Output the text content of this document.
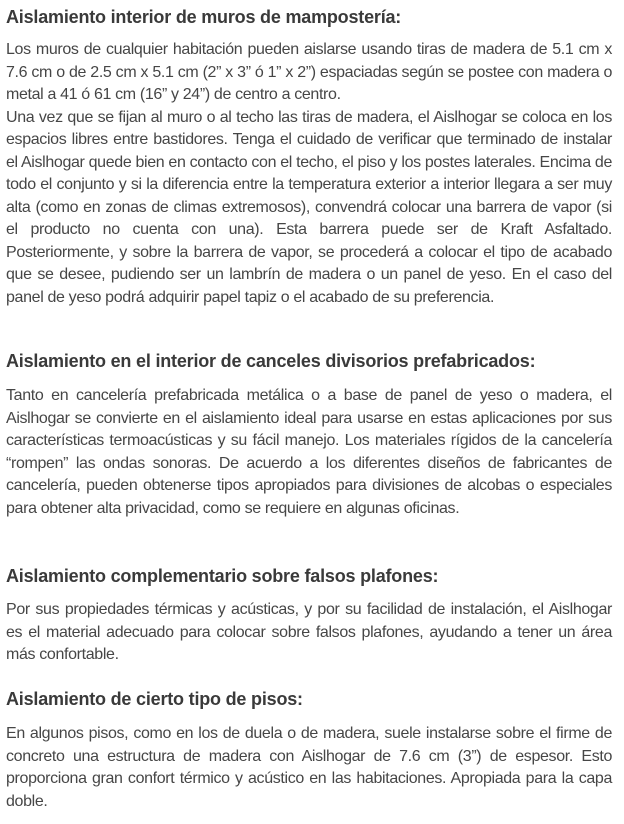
Aislamiento interior de muros de mampostería:

Los muros de cualquier habitación pueden aislarse usando tiras de madera de 5.1 cm x 7.6 cm o de 2.5 cm x 5.1 cm (2” x 3” ó 1” x 2”) espaciadas según se postee con madera o metal a 41 ó 61 cm (16” y 24”) de centro a centro.

Una vez que se fijan al muro o al techo las tiras de madera, el Aislhogar se coloca en los espacios libres entre bastidores. Tenga el cuidado de verificar que terminado de instalar el Aislhogar quede bien en contacto con el techo, el piso y los postes laterales. Encima de todo el conjunto y si la diferencia entre la temperatura exterior a interior llegara a ser muy alta (como en zonas de climas extremosos), convendrá colocar una barrera de vapor (si el producto no cuenta con una). Esta barrera puede ser de Kraft Asfaltado. Posteriormente, y sobre la barrera de vapor, se procederá a colocar el tipo de acabado que se desee, pudiendo ser un lambrín de madera o un panel de yeso. En el caso del panel de yeso podrá adquirir papel tapiz o el acabado de su preferencia.

Aislamiento en el interior de canceles divisorios prefabricados:

Tanto en cancelería prefabricada metálica o a base de panel de yeso o madera, el Aislhogar se convierte en el aislamiento ideal para usarse en estas aplicaciones por sus características termoacústicas y su fácil manejo. Los materiales rígidos de la cancelería “rompen” las ondas sonoras. De acuerdo a los diferentes diseños de fabricantes de cancelería, pueden obtenerse tipos apropiados para divisiones de alcobas o especiales para obtener alta privacidad, como se requiere en algunas oficinas.

Aislamiento complementario sobre falsos plafones:

Por sus propiedades térmicas y acústicas, y por su facilidad de instalación, el Aislhogar es el material adecuado para colocar sobre falsos plafones, ayudando a tener un área más confortable.

Aislamiento de cierto tipo de pisos:

En algunos pisos, como en los de duela o de madera, suele instalarse sobre el firme de concreto una estructura de madera con Aislhogar de 7.6 cm (3”) de espesor. Esto proporciona gran confort térmico y acústico en las habitaciones. Apropiada para la capa doble.
